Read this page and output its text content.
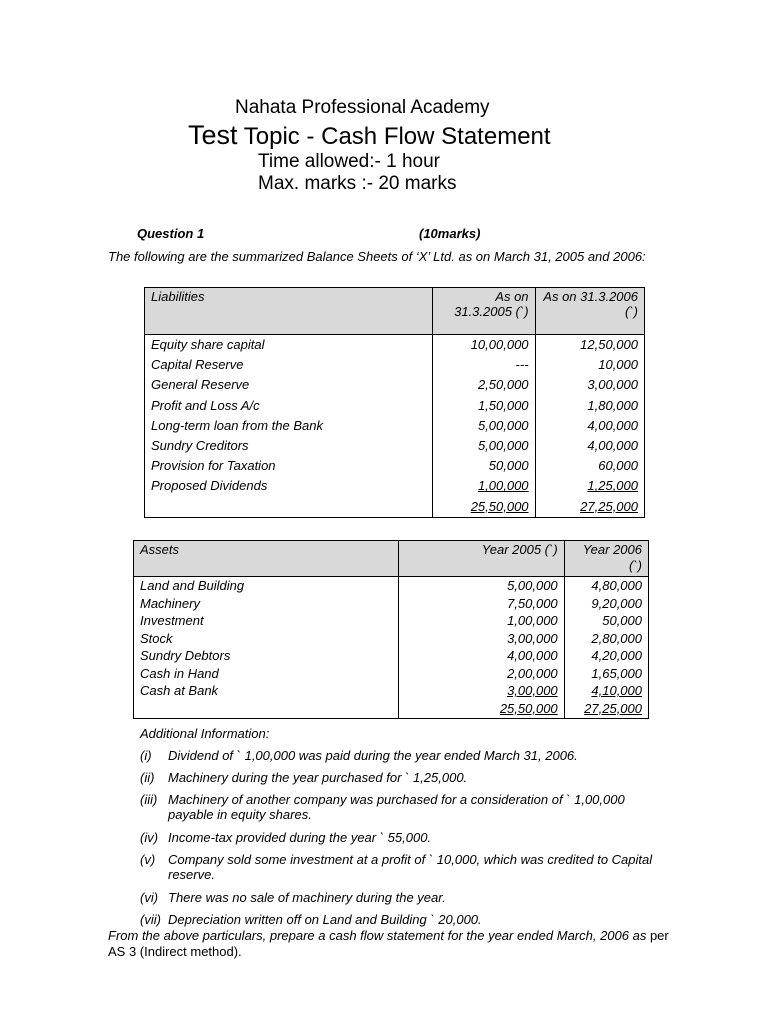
Nahata Professional Academy
Test Topic - Cash Flow Statement
Time allowed:- 1 hour
Max. marks :- 20 marks
Question 1	(10marks)
The following are the summarized Balance Sheets of ‘X’ Ltd. as on March 31, 2005 and 2006:
Liabilities	As on 31.3.2005 (`)	As on 31.3.2006 (`)
Equity share capital	10,00,000	12,50,000
Capital Reserve	---	10,000
General Reserve	2,50,000	3,00,000
Profit and Loss A/c	1,50,000	1,80,000
Long-term loan from the Bank	5,00,000	4,00,000
Sundry Creditors	5,00,000	4,00,000
Provision for Taxation	50,000	60,000
Proposed Dividends	1,00,000	1,25,000
	25,50,000	27,25,000
Assets	Year 2005 (`)	Year 2006 (`)
Land and Building	5,00,000	4,80,000
Machinery	7,50,000	9,20,000
Investment	1,00,000	50,000
Stock	3,00,000	2,80,000
Sundry Debtors	4,00,000	4,20,000
Cash in Hand	2,00,000	1,65,000
Cash at Bank	3,00,000	4,10,000
	25,50,000	27,25,000
Additional Information:
(i) Dividend of ` 1,00,000 was paid during the year ended March 31, 2006.
(ii) Machinery during the year purchased for ` 1,25,000.
(iii) Machinery of another company was purchased for a consideration of ` 1,00,000 payable in equity shares.
(iv) Income-tax provided during the year ` 55,000.
(v) Company sold some investment at a profit of ` 10,000, which was credited to Capital reserve.
(vi) There was no sale of machinery during the year.
(vii) Depreciation written off on Land and Building ` 20,000.
From the above particulars, prepare a cash flow statement for the year ended March, 2006 as per AS 3 (Indirect method).
